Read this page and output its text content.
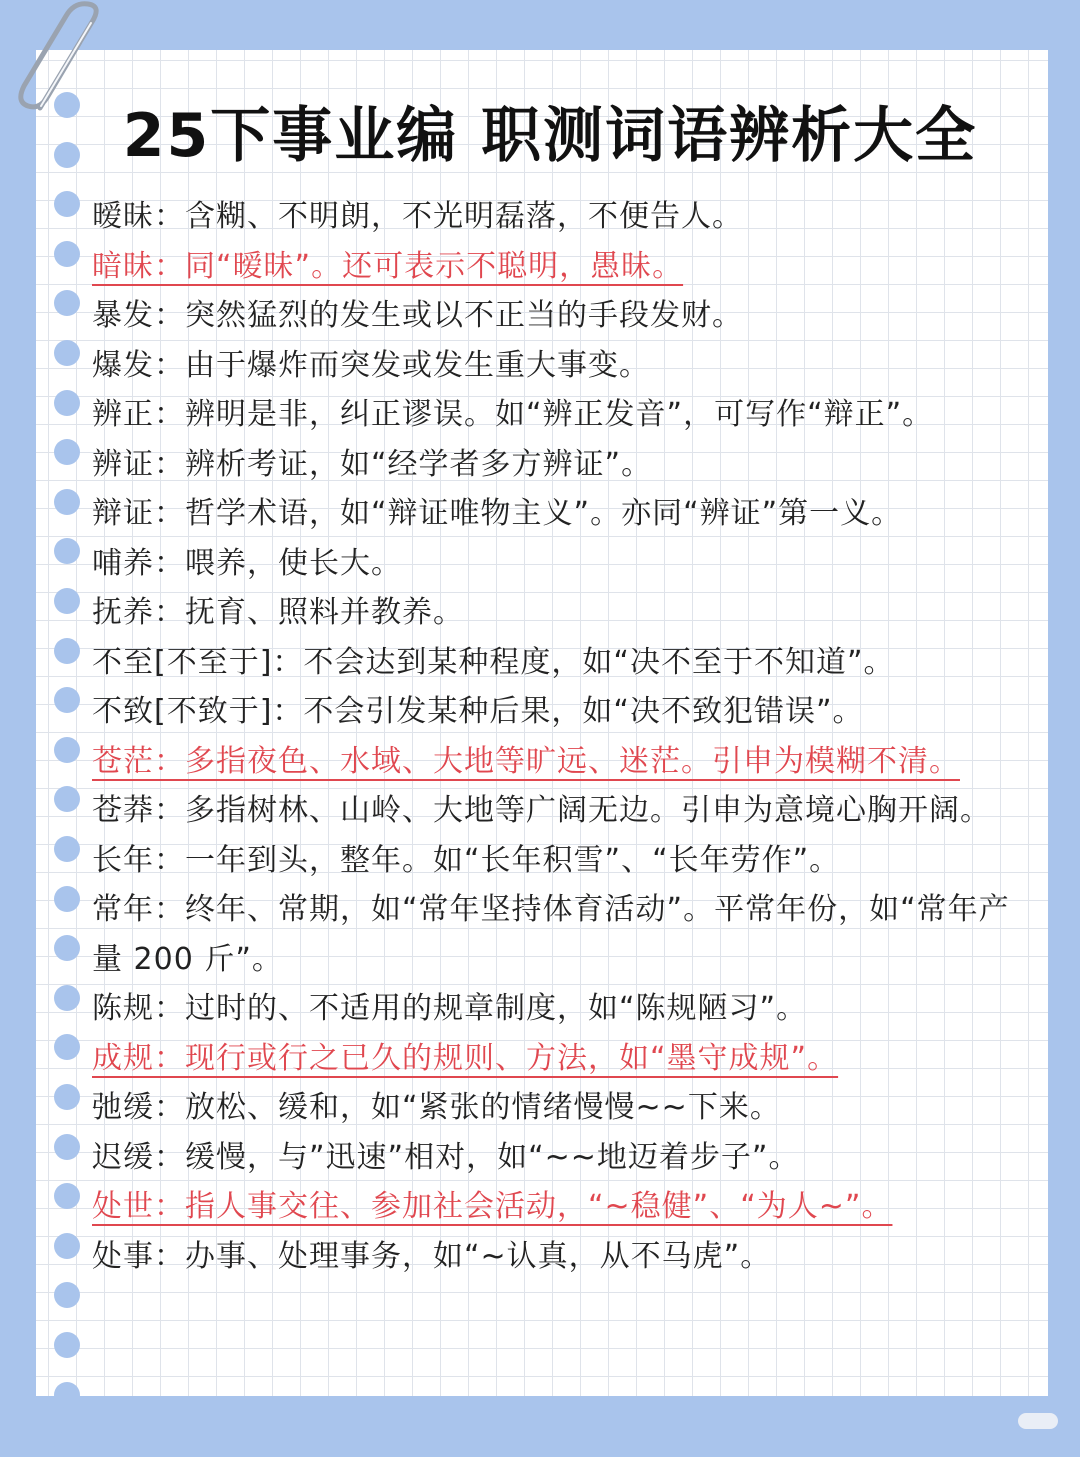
25下事业编 职测词语辨析大全

暧昧：含糊、不明朗，不光明磊落，不便告人。

暗昧：同“暧昧”。还可表示不聪明，愚昧。

暴发：突然猛烈的发生或以不正当的手段发财。

爆发：由于爆炸而突发或发生重大事变。

辨正：辨明是非，纠正谬误。如“辨正发音”，可写作“辩正”。

辨证：辨析考证，如“经学者多方辨证”。

辩证：哲学术语，如“辩证唯物主义”。亦同“辨证”第一义。

哺养：喂养，使长大。

抚养：抚育、照料并教养。

不至[不至于]：不会达到某种程度，如“决不至于不知道”。

不致[不致于]：不会引发某种后果，如“决不致犯错误”。

苍茫：多指夜色、水域、大地等旷远、迷茫。引申为模糊不清。

苍莽：多指树林、山岭、大地等广阔无边。引申为意境心胸开阔。

长年：一年到头，整年。如“长年积雪”、“长年劳作”。

常年：终年、常期，如“常年坚持体育活动”。平常年份，如“常年产量 200 斤”。

陈规：过时的、不适用的规章制度，如“陈规陋习”。

成规：现行或行之已久的规则、方法，如“墨守成规”。

弛缓：放松、缓和，如“紧张的情绪慢慢~~下来。

迟缓：缓慢，与”迅速”相对，如“~~地迈着步子”。

处世：指人事交往、参加社会活动，“~稳健”、“为人~”。

处事：办事、处理事务，如“~认真，从不马虎”。
